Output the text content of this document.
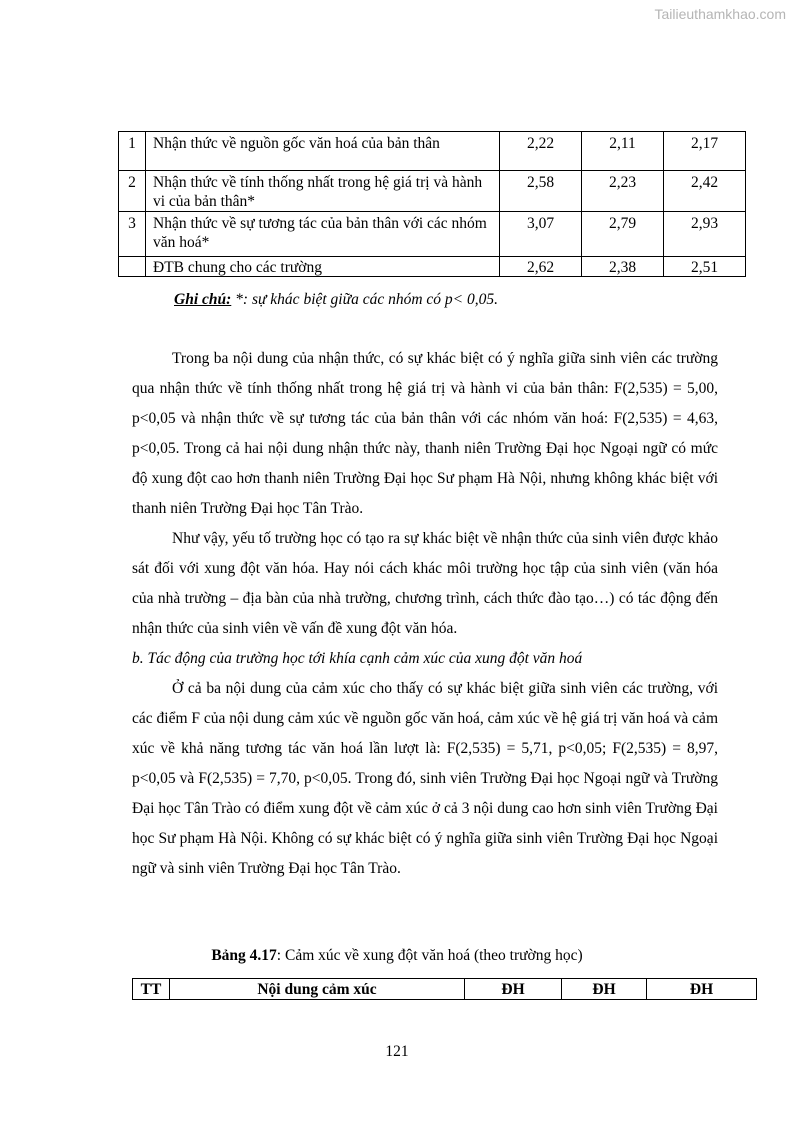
Tailieuthamkhao.com
1	Nhận thức về nguồn gốc văn hoá của bản thân	2,22	2,11	2,17
2	Nhận thức về tính thống nhất trong hệ giá trị và hành vi của bản thân*	2,58	2,23	2,42
3	Nhận thức về sự tương tác của bản thân với các nhóm văn hoá*	3,07	2,79	2,93
	ĐTB chung cho các trường	2,62	2,38	2,51
Ghi chú: *: sự khác biệt giữa các nhóm có p< 0,05.

Trong ba nội dung của nhận thức, có sự khác biệt có ý nghĩa giữa sinh viên các trường qua nhận thức về tính thống nhất trong hệ giá trị và hành vi của bản thân: F(2,535) = 5,00, p<0,05 và nhận thức về sự tương tác của bản thân với các nhóm văn hoá: F(2,535) = 4,63, p<0,05. Trong cả hai nội dung nhận thức này, thanh niên Trường Đại học Ngoại ngữ có mức độ xung đột cao hơn thanh niên Trường Đại học Sư phạm Hà Nội, nhưng không khác biệt với thanh niên Trường Đại học Tân Trào.

Như vậy, yếu tố trường học có tạo ra sự khác biệt về nhận thức của sinh viên được khảo sát đối với xung đột văn hóa. Hay nói cách khác môi trường học tập của sinh viên (văn hóa của nhà trường – địa bàn của nhà trường, chương trình, cách thức đào tạo…) có tác động đến nhận thức của sinh viên về vấn đề xung đột văn hóa.

b. Tác động của trường học tới khía cạnh cảm xúc của xung đột văn hoá

Ở cả ba nội dung của cảm xúc cho thấy có sự khác biệt giữa sinh viên các trường, với các điểm F của nội dung cảm xúc về nguồn gốc văn hoá, cảm xúc về hệ giá trị văn hoá và cảm xúc về khả năng tương tác văn hoá lần lượt là: F(2,535) = 5,71, p<0,05; F(2,535) = 8,97, p<0,05 và F(2,535) = 7,70, p<0,05. Trong đó, sinh viên Trường Đại học Ngoại ngữ và Trường Đại học Tân Trào có điểm xung đột về cảm xúc ở cả 3 nội dung cao hơn sinh viên Trường Đại học Sư phạm Hà Nội. Không có sự khác biệt có ý nghĩa giữa sinh viên Trường Đại học Ngoại ngữ và sinh viên Trường Đại học Tân Trào.

Bảng 4.17: Cảm xúc về xung đột văn hoá (theo trường học)
TT	Nội dung cảm xúc	ĐH	ĐH	ĐH
121
